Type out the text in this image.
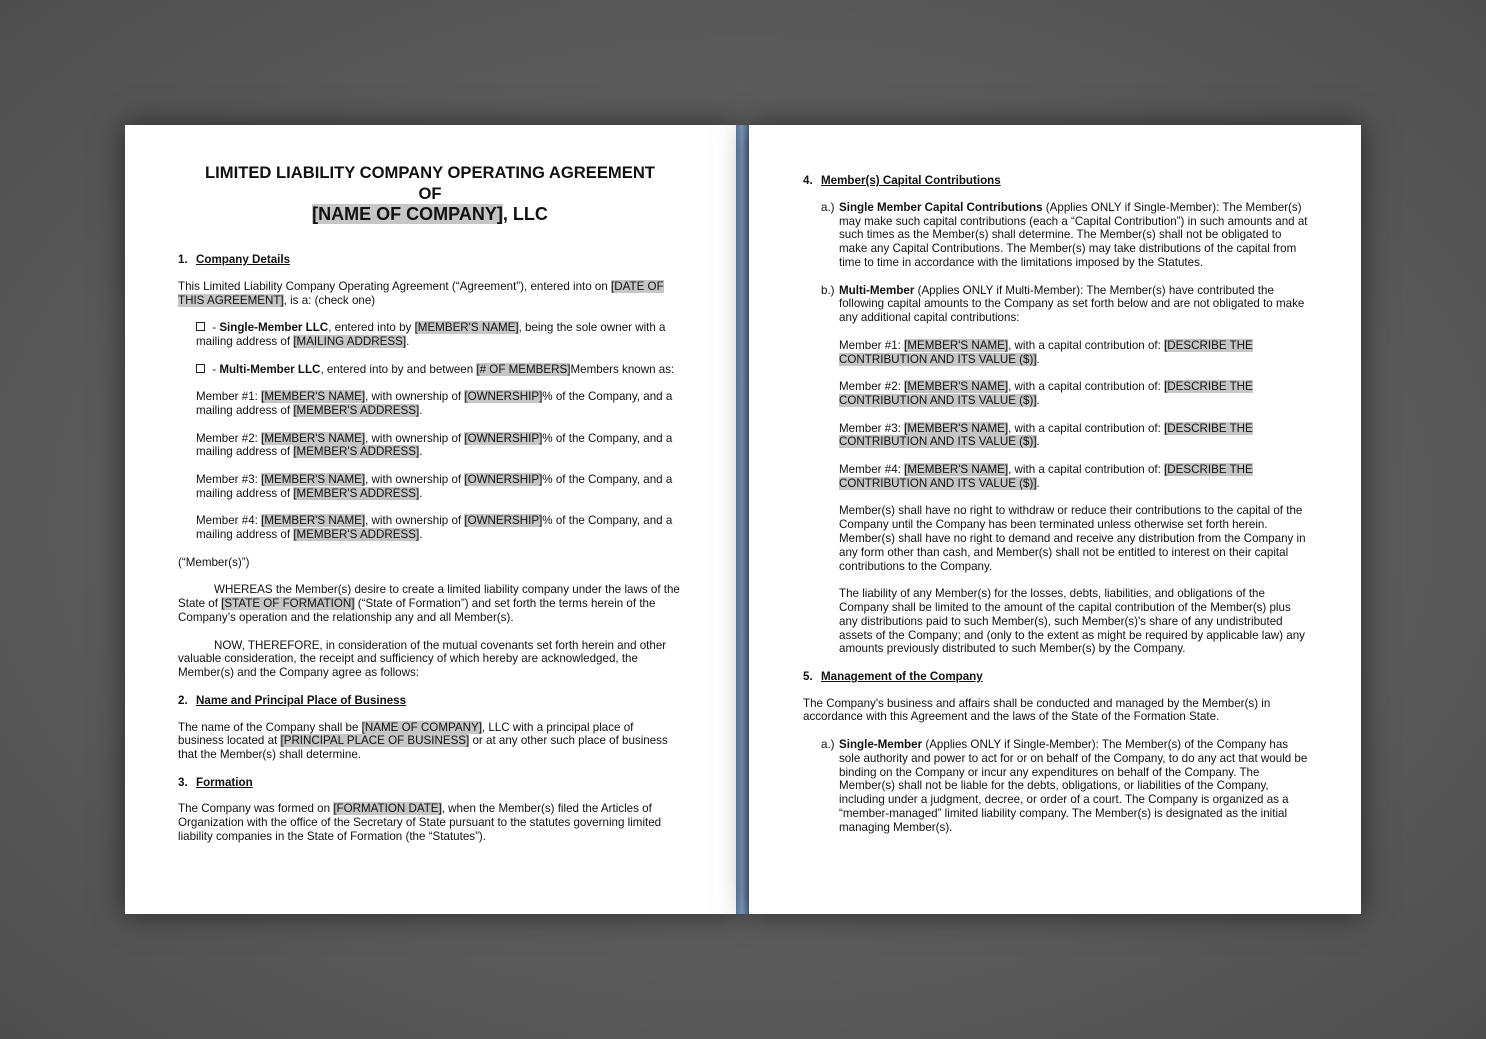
LIMITED LIABILITY COMPANY OPERATING AGREEMENT
OF
[NAME OF COMPANY], LLC
1. Company Details

This Limited Liability Company Operating Agreement (“Agreement”), entered into on [DATE OF THIS AGREEMENT], is a: (check one)

- Single-Member LLC, entered into by [MEMBER'S NAME], being the sole owner with a mailing address of [MAILING ADDRESS].

- Multi-Member LLC, entered into by and between [# OF MEMBERS]Members known as:

Member #1: [MEMBER'S NAME], with ownership of [OWNERSHIP]% of the Company, and a mailing address of [MEMBER'S ADDRESS].

Member #2: [MEMBER'S NAME], with ownership of [OWNERSHIP]% of the Company, and a mailing address of [MEMBER'S ADDRESS].

Member #3: [MEMBER'S NAME], with ownership of [OWNERSHIP]% of the Company, and a mailing address of [MEMBER'S ADDRESS].

Member #4: [MEMBER'S NAME], with ownership of [OWNERSHIP]% of the Company, and a mailing address of [MEMBER'S ADDRESS].

(“Member(s)”)

WHEREAS the Member(s) desire to create a limited liability company under the laws of the State of [STATE OF FORMATION] (“State of Formation”) and set forth the terms herein of the Company’s operation and the relationship any and all Member(s).

NOW, THEREFORE, in consideration of the mutual covenants set forth herein and other valuable consideration, the receipt and sufficiency of which hereby are acknowledged, the Member(s) and the Company agree as follows:

2. Name and Principal Place of Business

The name of the Company shall be [NAME OF COMPANY], LLC with a principal place of business located at [PRINCIPAL PLACE OF BUSINESS] or at any other such place of business that the Member(s) shall determine.

3. Formation

The Company was formed on [FORMATION DATE], when the Member(s) filed the Articles of Organization with the office of the Secretary of State pursuant to the statutes governing limited liability companies in the State of Formation (the “Statutes”).

4. Member(s) Capital Contributions
a.) Single Member Capital Contributions (Applies ONLY if Single-Member): The Member(s) may make such capital contributions (each a “Capital Contribution”) in such amounts and at such times as the Member(s) shall determine. The Member(s) shall not be obligated to make any Capital Contributions. The Member(s) may take distributions of the capital from time to time in accordance with the limitations imposed by the Statutes.
b.) Multi-Member (Applies ONLY if Multi-Member): The Member(s) have contributed the following capital amounts to the Company as set forth below and are not obligated to make any additional capital contributions:

Member #1: [MEMBER'S NAME], with a capital contribution of: [DESCRIBE THE CONTRIBUTION AND ITS VALUE ($)].

Member #2: [MEMBER'S NAME], with a capital contribution of: [DESCRIBE THE CONTRIBUTION AND ITS VALUE ($)].

Member #3: [MEMBER'S NAME], with a capital contribution of: [DESCRIBE THE CONTRIBUTION AND ITS VALUE ($)].

Member #4: [MEMBER'S NAME], with a capital contribution of: [DESCRIBE THE CONTRIBUTION AND ITS VALUE ($)].

Member(s) shall have no right to withdraw or reduce their contributions to the capital of the Company until the Company has been terminated unless otherwise set forth herein. Member(s) shall have no right to demand and receive any distribution from the Company in any form other than cash, and Member(s) shall not be entitled to interest on their capital contributions to the Company.

The liability of any Member(s) for the losses, debts, liabilities, and obligations of the Company shall be limited to the amount of the capital contribution of the Member(s) plus any distributions paid to such Member(s), such Member(s)'s share of any undistributed assets of the Company; and (only to the extent as might be required by applicable law) any amounts previously distributed to such Member(s) by the Company.

5. Management of the Company

The Company's business and affairs shall be conducted and managed by the Member(s) in accordance with this Agreement and the laws of the State of the Formation State.

a.) Single-Member (Applies ONLY if Single-Member): The Member(s) of the Company has sole authority and power to act for or on behalf of the Company, to do any act that would be binding on the Company or incur any expenditures on behalf of the Company. The Member(s) shall not be liable for the debts, obligations, or liabilities of the Company, including under a judgment, decree, or order of a court. The Company is organized as a “member-managed” limited liability company. The Member(s) is designated as the initial managing Member(s).
